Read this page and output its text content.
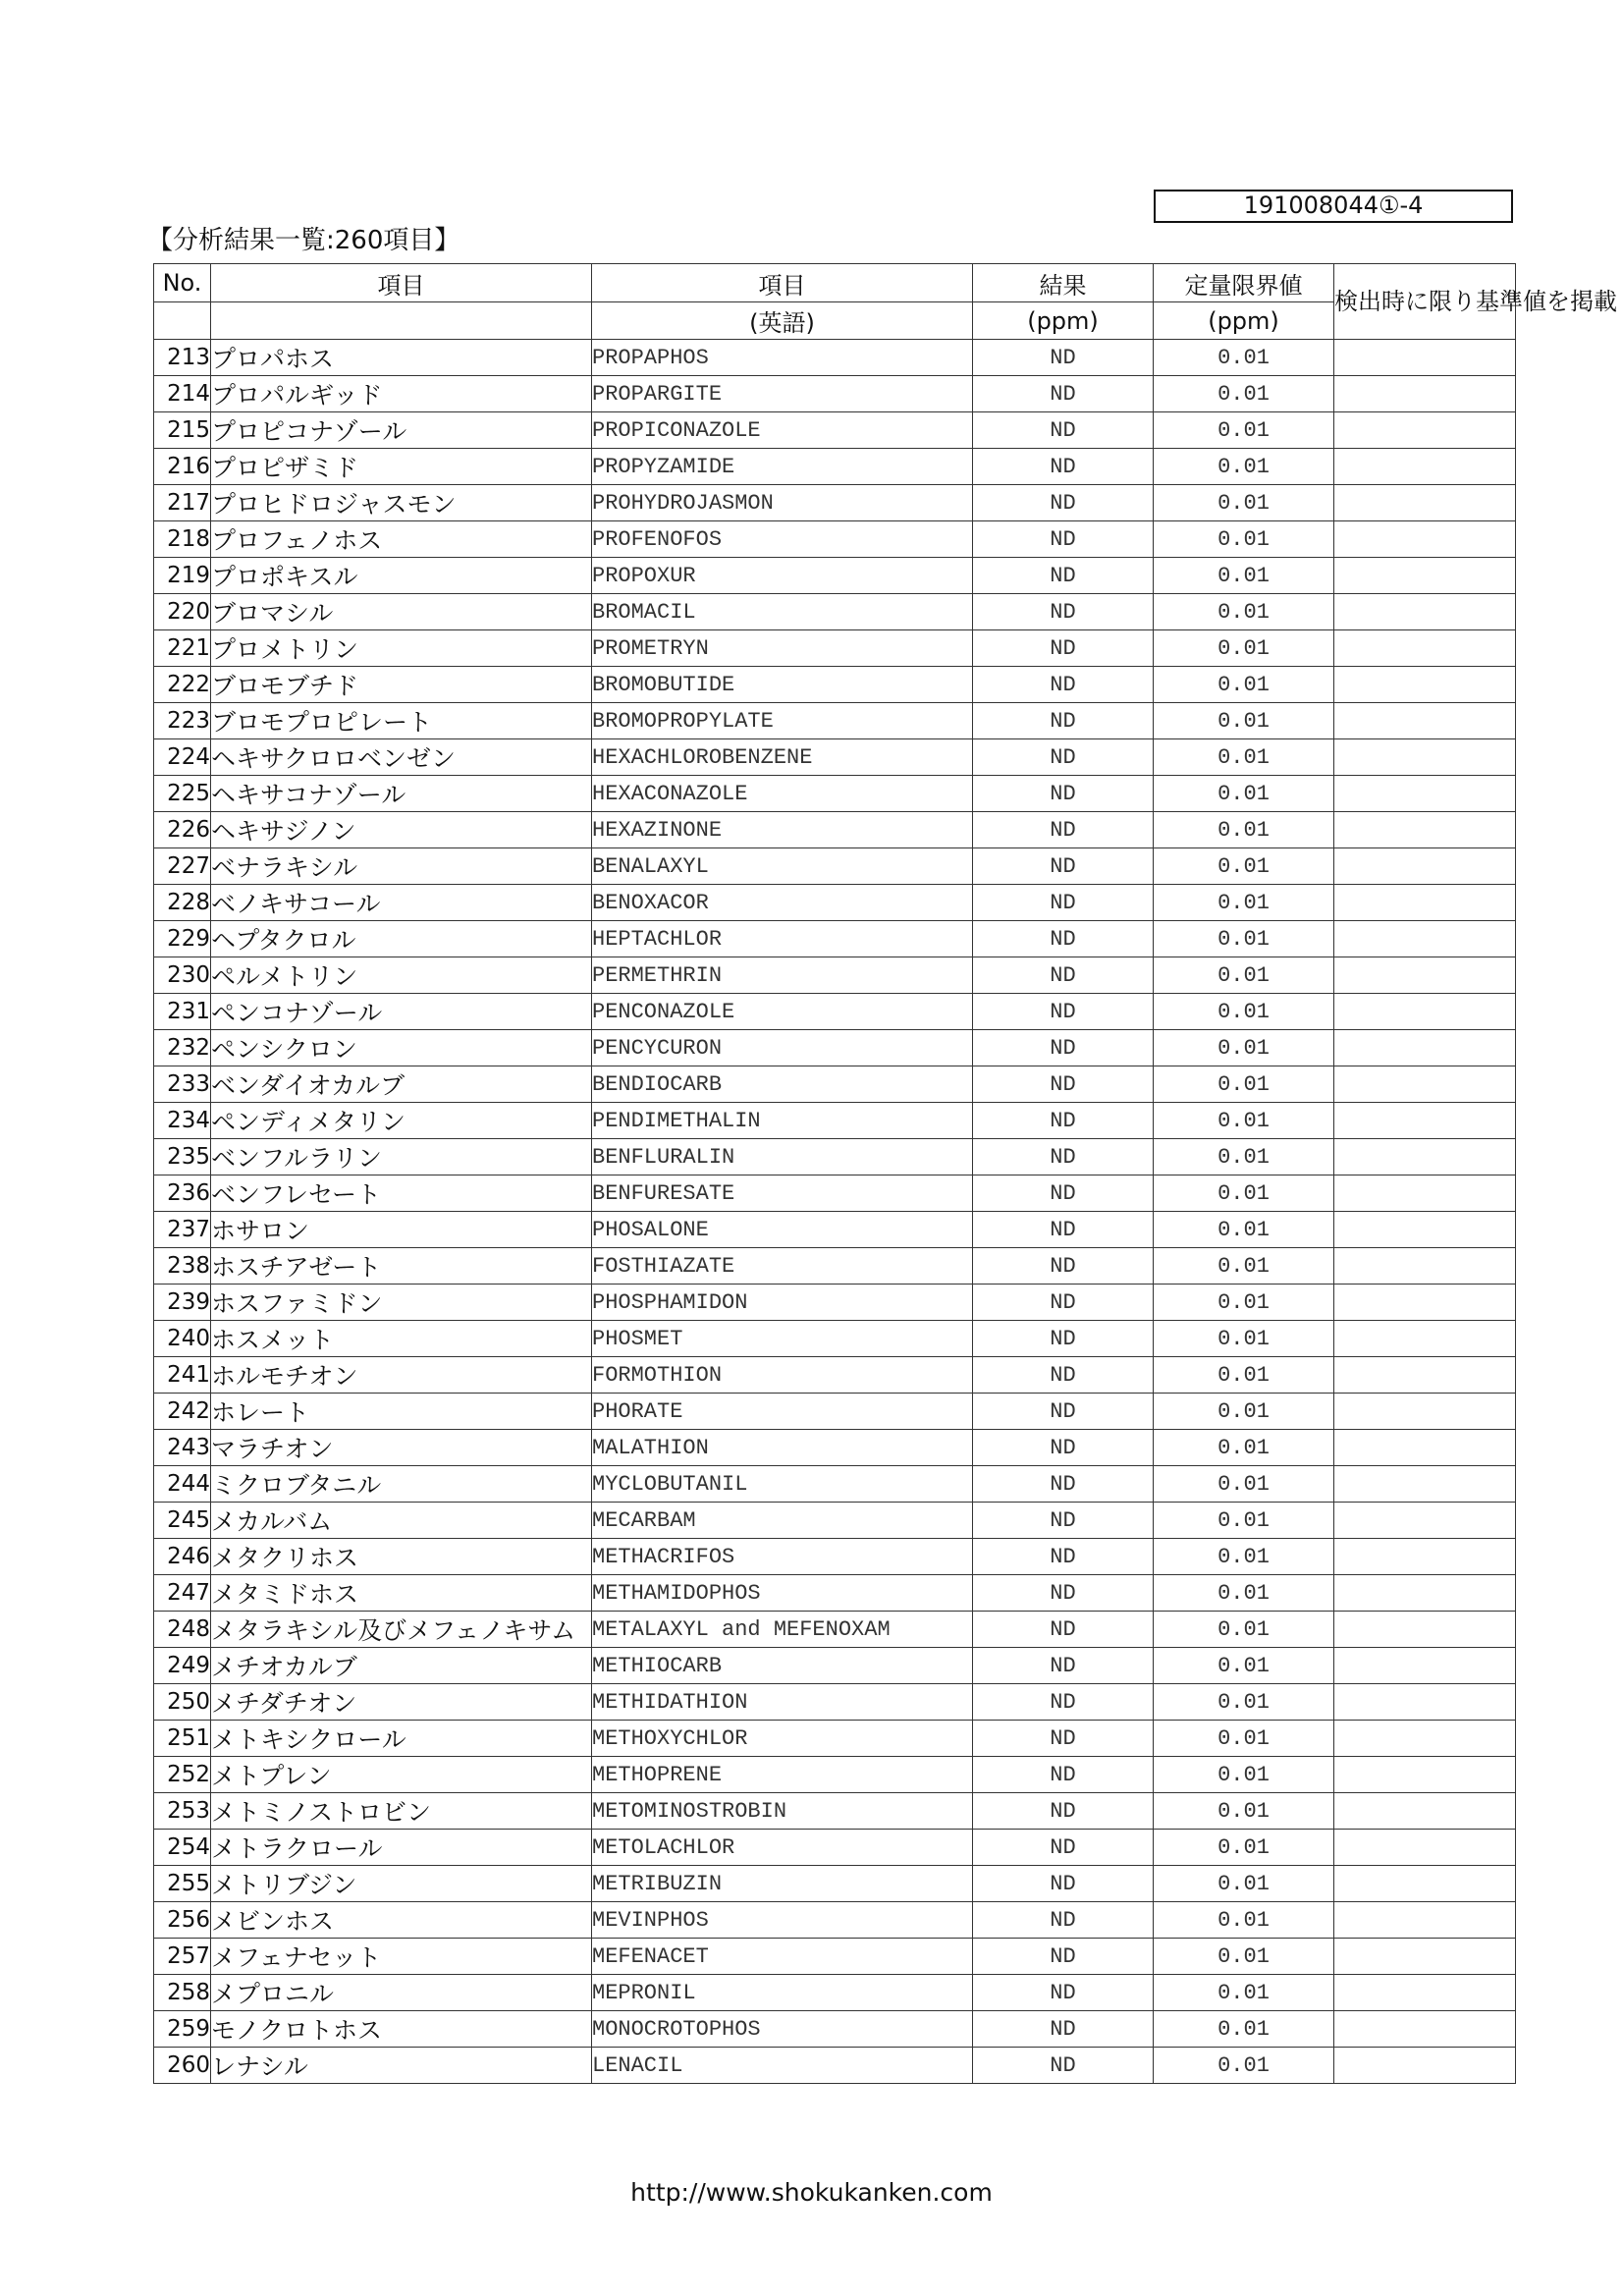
191008044①-4
【分析結果一覧:260項目】
No.	項目	項目	結果	定量限界値	検出時に限り基準値を掲載
		(英語)	(ppm)	(ppm)	
213	プロパホス	PROPAPHOS	ND	0.01	
214	プロパルギッド	PROPARGITE	ND	0.01	
215	プロピコナゾール	PROPICONAZOLE	ND	0.01	
216	プロピザミド	PROPYZAMIDE	ND	0.01	
217	プロヒドロジャスモン	PROHYDROJASMON	ND	0.01	
218	プロフェノホス	PROFENOFOS	ND	0.01	
219	プロポキスル	PROPOXUR	ND	0.01	
220	ブロマシル	BROMACIL	ND	0.01	
221	プロメトリン	PROMETRYN	ND	0.01	
222	ブロモブチド	BROMOBUTIDE	ND	0.01	
223	ブロモプロピレート	BROMOPROPYLATE	ND	0.01	
224	ヘキサクロロベンゼン	HEXACHLOROBENZENE	ND	0.01	
225	ヘキサコナゾール	HEXACONAZOLE	ND	0.01	
226	ヘキサジノン	HEXAZINONE	ND	0.01	
227	ベナラキシル	BENALAXYL	ND	0.01	
228	ベノキサコール	BENOXACOR	ND	0.01	
229	ヘプタクロル	HEPTACHLOR	ND	0.01	
230	ペルメトリン	PERMETHRIN	ND	0.01	
231	ペンコナゾール	PENCONAZOLE	ND	0.01	
232	ペンシクロン	PENCYCURON	ND	0.01	
233	ベンダイオカルブ	BENDIOCARB	ND	0.01	
234	ペンディメタリン	PENDIMETHALIN	ND	0.01	
235	ベンフルラリン	BENFLURALIN	ND	0.01	
236	ベンフレセート	BENFURESATE	ND	0.01	
237	ホサロン	PHOSALONE	ND	0.01	
238	ホスチアゼート	FOSTHIAZATE	ND	0.01	
239	ホスファミドン	PHOSPHAMIDON	ND	0.01	
240	ホスメット	PHOSMET	ND	0.01	
241	ホルモチオン	FORMOTHION	ND	0.01	
242	ホレート	PHORATE	ND	0.01	
243	マラチオン	MALATHION	ND	0.01	
244	ミクロブタニル	MYCLOBUTANIL	ND	0.01	
245	メカルバム	MECARBAM	ND	0.01	
246	メタクリホス	METHACRIFOS	ND	0.01	
247	メタミドホス	METHAMIDOPHOS	ND	0.01	
248	メタラキシル及びメフェノキサム	METALAXYL and MEFENOXAM	ND	0.01	
249	メチオカルブ	METHIOCARB	ND	0.01	
250	メチダチオン	METHIDATHION	ND	0.01	
251	メトキシクロール	METHOXYCHLOR	ND	0.01	
252	メトプレン	METHOPRENE	ND	0.01	
253	メトミノストロビン	METOMINOSTROBIN	ND	0.01	
254	メトラクロール	METOLACHLOR	ND	0.01	
255	メトリブジン	METRIBUZIN	ND	0.01	
256	メビンホス	MEVINPHOS	ND	0.01	
257	メフェナセット	MEFENACET	ND	0.01	
258	メプロニル	MEPRONIL	ND	0.01	
259	モノクロトホス	MONOCROTOPHOS	ND	0.01	
260	レナシル	LENACIL	ND	0.01	
http://www.shokukanken.com
